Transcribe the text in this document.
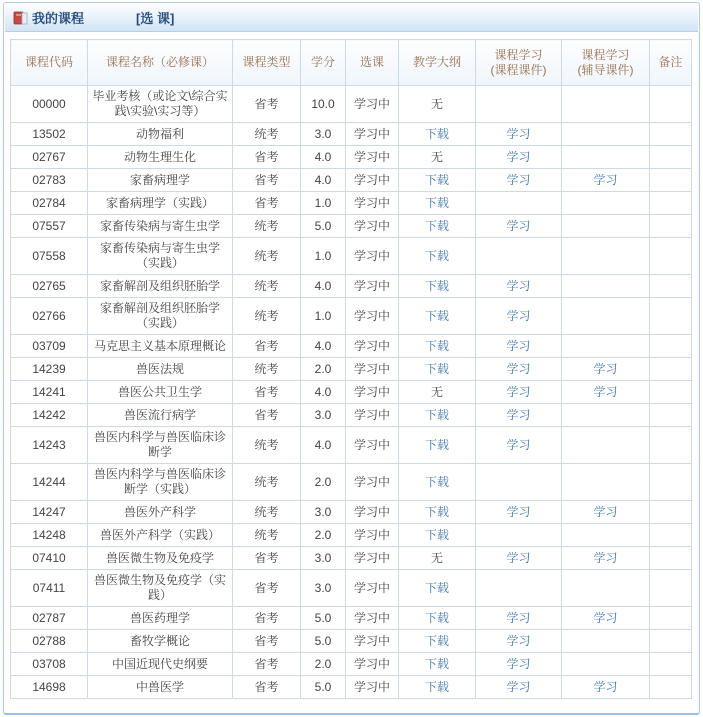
我的课程	[选 课]
课程代码	课程名称（必修课）	课程类型	学分	选课	教学大纲

课程学习
(课程课件)

课程学习
(辅导课件)

备注

00000	毕业考核（或论文\综合实践\实验\实习等）	省考	10.0	学习中	无			
13502	动物福利	统考	3.0	学习中	下载	学习		
02767	动物生理生化	省考	4.0	学习中	无	学习		
02783	家畜病理学	省考	4.0	学习中	下载	学习	学习	
02784	家畜病理学（实践）	省考	1.0	学习中	下载			
07557	家畜传染病与寄生虫学	统考	5.0	学习中	下载	学习		
07558	家畜传染病与寄生虫学（实践）	统考	1.0	学习中	下载			
02765	家畜解剖及组织胚胎学	统考	4.0	学习中	下载	学习		
02766	家畜解剖及组织胚胎学（实践）	统考	1.0	学习中	下载	学习		
03709	马克思主义基本原理概论	省考	4.0	学习中	下载	学习		
14239	兽医法规	统考	2.0	学习中	下载	学习	学习	
14241	兽医公共卫生学	省考	4.0	学习中	无	学习	学习	
14242	兽医流行病学	省考	3.0	学习中	下载	学习		
14243	兽医内科学与兽医临床诊断学	统考	4.0	学习中	下载	学习		
14244	兽医内科学与兽医临床诊断学（实践）	统考	2.0	学习中	下载			
14247	兽医外产科学	统考	3.0	学习中	下载	学习	学习	
14248	兽医外产科学（实践）	统考	2.0	学习中	下载			
07410	兽医微生物及免疫学	省考	3.0	学习中	无	学习	学习	
07411	兽医微生物及免疫学（实践）	省考	3.0	学习中	下载			
02787	兽医药理学	省考	5.0	学习中	下载	学习	学习	
02788	畜牧学概论	省考	5.0	学习中	下载	学习		
03708	中国近现代史纲要	省考	2.0	学习中	下载	学习		
14698	中兽医学	省考	5.0	学习中	下载	学习	学习	
